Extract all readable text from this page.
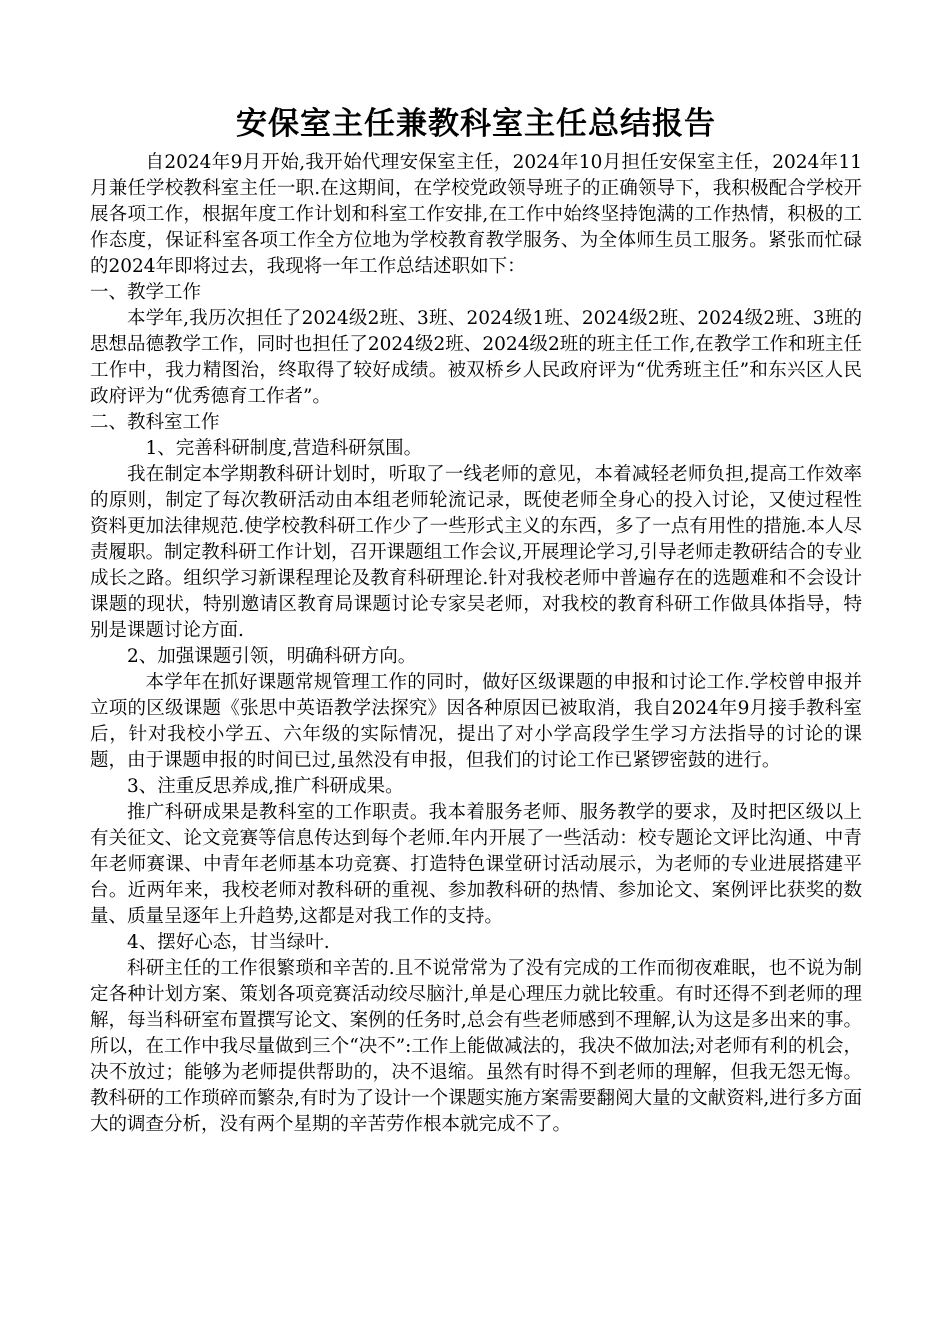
安保室主任兼教科室主任总结报告

自2024年9月开始,我开始代理安保室主任，2024年10月担任安保室主任，2024年11月兼任学校教科室主任一职.在这期间，在学校党政领导班子的正确领导下，我积极配合学校开展各项工作，根据年度工作计划和科室工作安排,在工作中始终坚持饱满的工作热情，积极的工作态度，保证科室各项工作全方位地为学校教育教学服务、为全体师生员工服务。紧张而忙碌的2024年即将过去，我现将一年工作总结述职如下：

一、教学工作

本学年,我历次担任了2024级2班、3班、2024级1班、2024级2班、2024级2班、3班的思想品德教学工作，同时也担任了2024级2班、2024级2班的班主任工作,在教学工作和班主任工作中，我力精图治，终取得了较好成绩。被双桥乡人民政府评为“优秀班主任”和东兴区人民政府评为“优秀德育工作者”。

二、教科室工作

1、完善科研制度,营造科研氛围。

我在制定本学期教科研计划时，听取了一线老师的意见，本着减轻老师负担,提高工作效率的原则，制定了每次教研活动由本组老师轮流记录，既使老师全身心的投入讨论，又使过程性资料更加法律规范.使学校教科研工作少了一些形式主义的东西，多了一点有用性的措施.本人尽责履职。制定教科研工作计划，召开课题组工作会议,开展理论学习,引导老师走教研结合的专业成长之路。组织学习新课程理论及教育科研理论.针对我校老师中普遍存在的选题难和不会设计课题的现状，特别邀请区教育局课题讨论专家吴老师，对我校的教育科研工作做具体指导，特别是课题讨论方面.

2、加强课题引领，明确科研方向。

本学年在抓好课题常规管理工作的同时，做好区级课题的申报和讨论工作.学校曾申报并立项的区级课题《张思中英语教学法探究》因各种原因已被取消，我自2024年9月接手教科室后，针对我校小学五、六年级的实际情况，提出了对小学高段学生学习方法指导的讨论的课题，由于课题申报的时间已过,虽然没有申报，但我们的讨论工作已紧锣密鼓的进行。

3、注重反思养成,推广科研成果。

推广科研成果是教科室的工作职责。我本着服务老师、服务教学的要求，及时把区级以上有关征文、论文竞赛等信息传达到每个老师.年内开展了一些活动：校专题论文评比沟通、中青年老师赛课、中青年老师基本功竞赛、打造特色课堂研讨活动展示，为老师的专业进展搭建平台。近两年来，我校老师对教科研的重视、参加教科研的热情、参加论文、案例评比获奖的数量、质量呈逐年上升趋势,这都是对我工作的支持。

4、摆好心态，甘当绿叶.

科研主任的工作很繁琐和辛苦的.且不说常常为了没有完成的工作而彻夜难眠，也不说为制定各种计划方案、策划各项竞赛活动绞尽脑汁,单是心理压力就比较重。有时还得不到老师的理解，每当科研室布置撰写论文、案例的任务时,总会有些老师感到不理解,认为这是多出来的事。所以，在工作中我尽量做到三个“决不”:工作上能做减法的，我决不做加法;对老师有利的机会，决不放过；能够为老师提供帮助的，决不退缩。虽然有时得不到老师的理解，但我无怨无悔。教科研的工作琐碎而繁杂,有时为了设计一个课题实施方案需要翻阅大量的文献资料,进行多方面大的调查分析，没有两个星期的辛苦劳作根本就完成不了。
